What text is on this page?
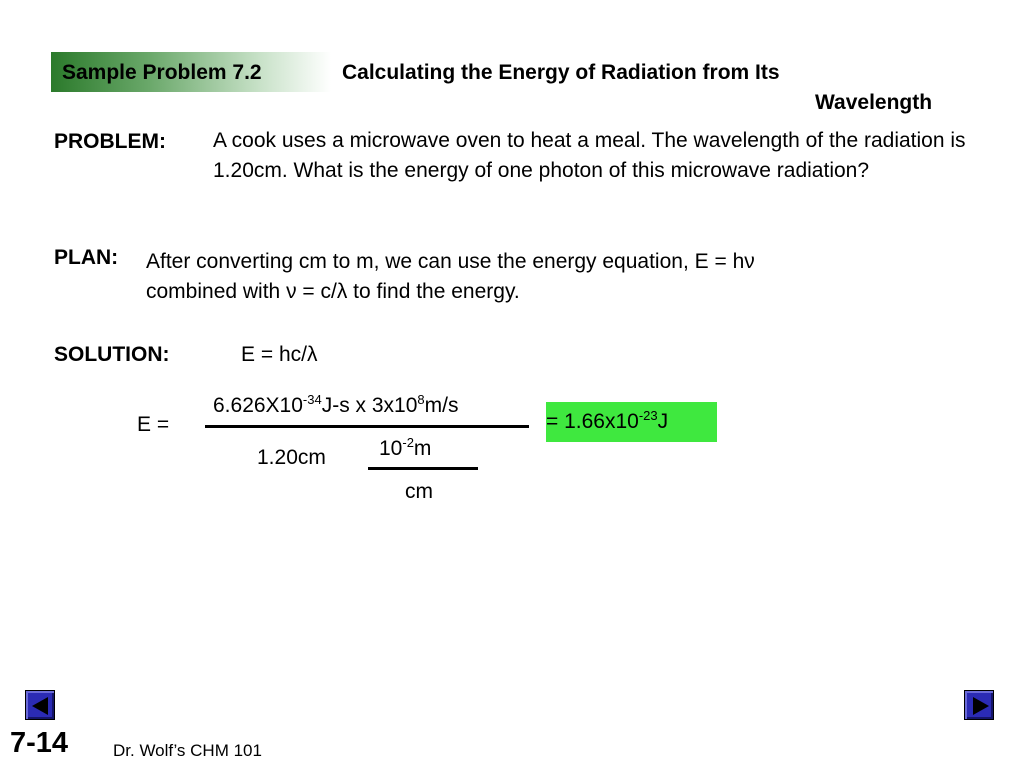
Sample Problem 7.2	Calculating the Energy of Radiation from Its
Wavelength
PROBLEM: A cook uses a microwave oven to heat a meal. The wavelength of the radiation is 1.20cm. What is the energy of one photon of this microwave radiation?
PLAN: After converting cm to m, we can use the energy equation, E = hν
combined with ν = c/λ to find the energy.
SOLUTION:	E = hc/λ
E =
$6.626X10^{-34}J-s$ x $3x10^8m/s$
1.20cm	$10^{-2}m$
cm
= $1.66x10^{-23}J$
7-14	Dr. Wolf’s CHM 101
